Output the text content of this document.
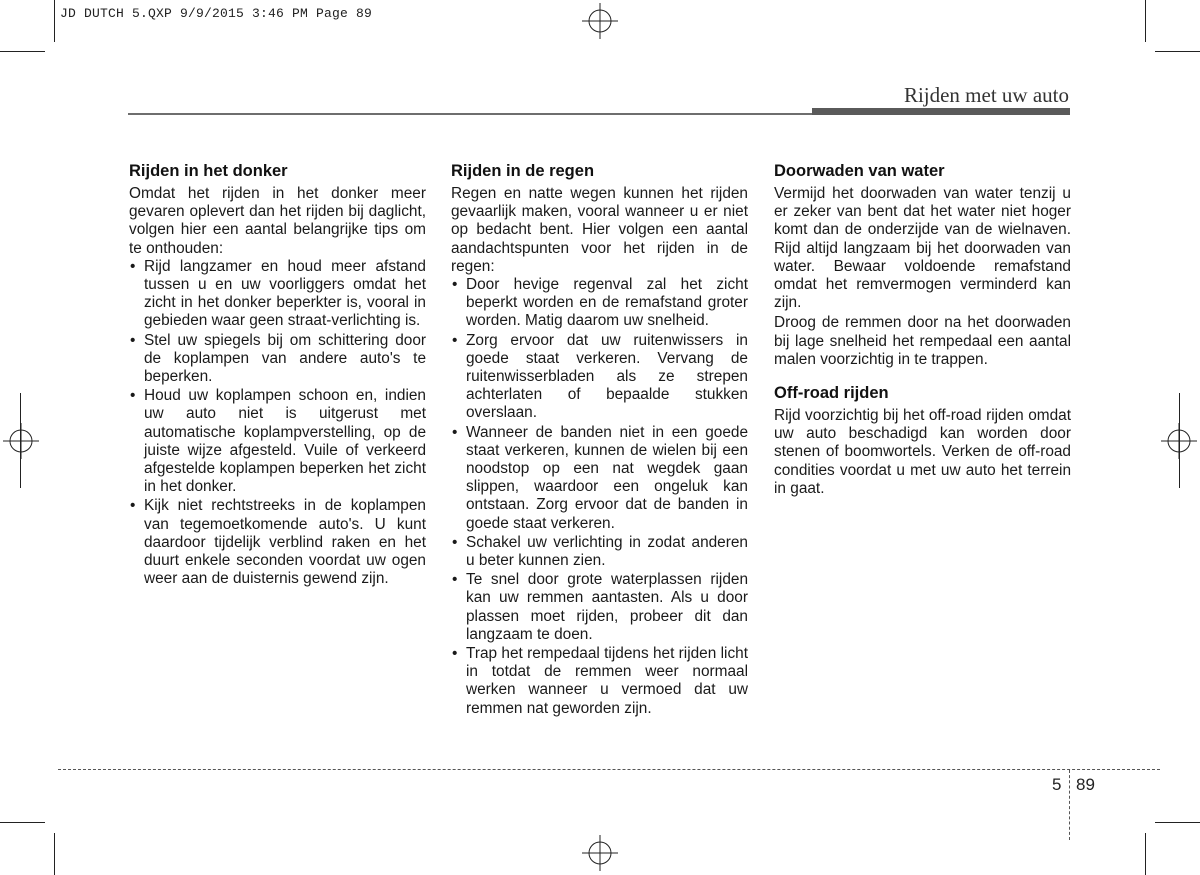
JD DUTCH 5.QXP 9/9/2015 3:46 PM Page 89
Rijden met uw auto
Rijden in het donker

Omdat het rijden in het donker meer gevaren oplevert dan het rijden bij daglicht, volgen hier een aantal belangrijke tips om te onthouden:

• Rijd langzamer en houd meer afstand tussen u en uw voorliggers omdat het zicht in het donker beperkter is, vooral in gebieden waar geen straat-verlichting is.
• Stel uw spiegels bij om schittering door de koplampen van andere auto's te beperken.
• Houd uw koplampen schoon en, indien uw auto niet is uitgerust met automatische koplampverstelling, op de juiste wijze afgesteld. Vuile of verkeerd afgestelde koplampen beperken het zicht in het donker.
• Kijk niet rechtstreeks in de koplampen van tegemoetkomende auto's. U kunt daardoor tijdelijk verblind raken en het duurt enkele seconden voordat uw ogen weer aan de duisternis gewend zijn.
Rijden in de regen

Regen en natte wegen kunnen het rijden gevaarlijk maken, vooral wanneer u er niet op bedacht bent. Hier volgen een aantal aandachtspunten voor het rijden in de regen:

• Door hevige regenval zal het zicht beperkt worden en de remafstand groter worden. Matig daarom uw snelheid.
• Zorg ervoor dat uw ruitenwissers in goede staat verkeren. Vervang de ruitenwisserbladen als ze strepen achterlaten of bepaalde stukken overslaan.
• Wanneer de banden niet in een goede staat verkeren, kunnen de wielen bij een noodstop op een nat wegdek gaan slippen, waardoor een ongeluk kan ontstaan. Zorg ervoor dat de banden in goede staat verkeren.
• Schakel uw verlichting in zodat anderen u beter kunnen zien.
• Te snel door grote waterplassen rijden kan uw remmen aantasten. Als u door plassen moet rijden, probeer dit dan langzaam te doen.
• Trap het rempedaal tijdens het rijden licht in totdat de remmen weer normaal werken wanneer u vermoed dat uw remmen nat geworden zijn.
Doorwaden van water

Vermijd het doorwaden van water tenzij u er zeker van bent dat het water niet hoger komt dan de onderzijde van de wielnaven. Rijd altijd langzaam bij het doorwaden van water. Bewaar voldoende remafstand omdat het remvermogen verminderd kan zijn.

Droog de remmen door na het doorwaden bij lage snelheid het rempedaal een aantal malen voorzichtig in te trappen.

Off-road rijden

Rijd voorzichtig bij het off-road rijden omdat uw auto beschadigd kan worden door stenen of boomwortels. Verken de off-road condities voordat u met uw auto het terrein in gaat.

5 89
